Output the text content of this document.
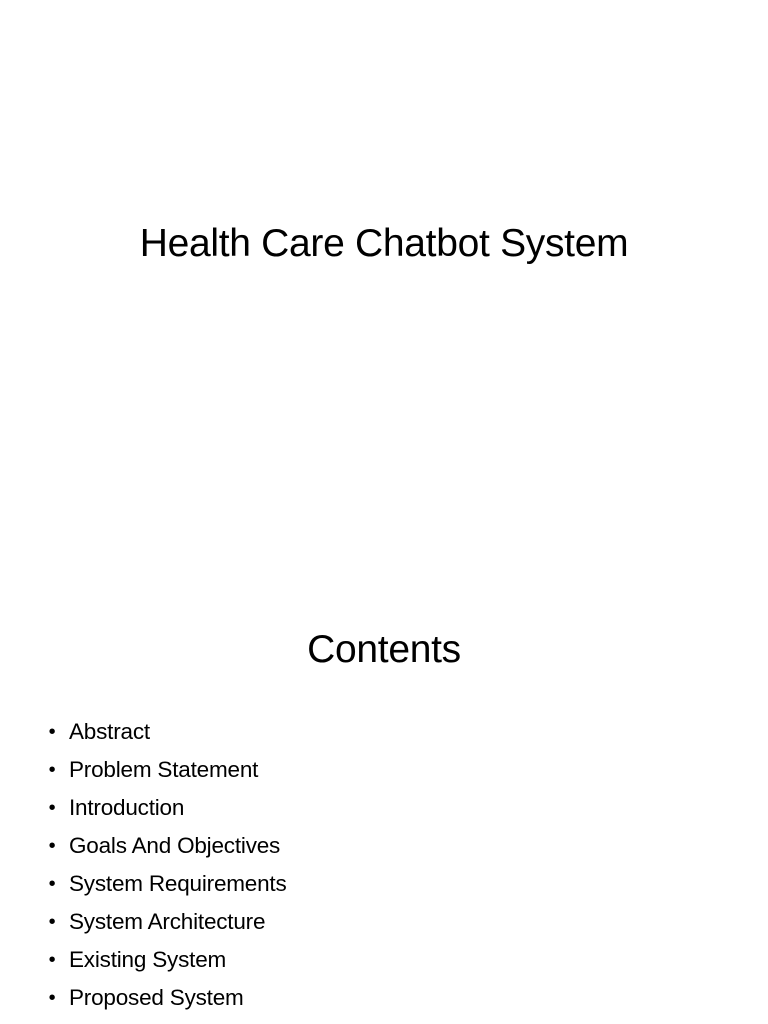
Health Care Chatbot System
Contents
• Abstract
• Problem Statement
• Introduction
• Goals And Objectives
• System Requirements
• System Architecture
• Existing System
• Proposed System
